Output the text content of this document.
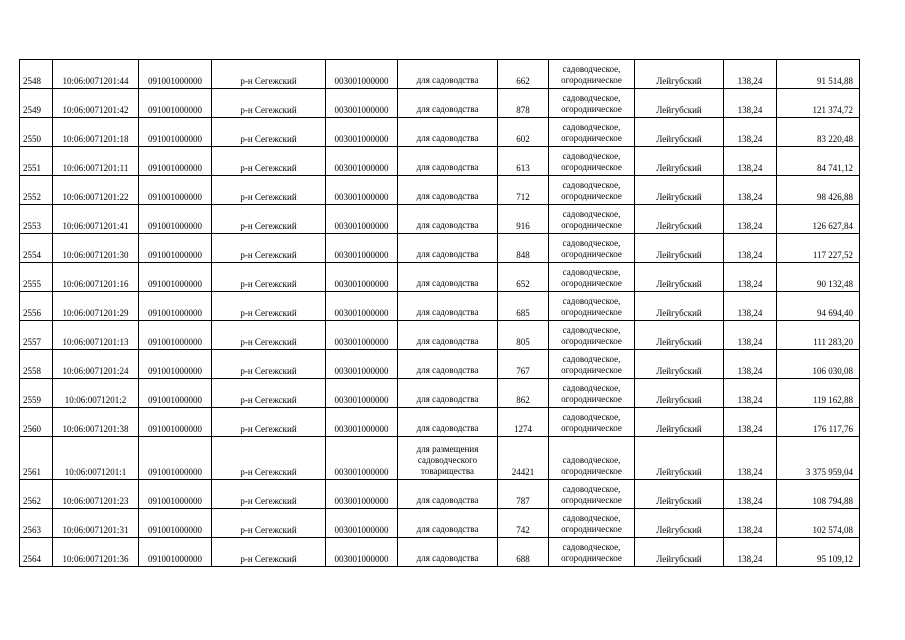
2548	10:06:0071201:44	091001000000	р-н Сегежский	003001000000	для садоводства	662	садоводческое, огородническое	Лейгубский	138,24	91 514,88
2549	10:06:0071201:42	091001000000	р-н Сегежский	003001000000	для садоводства	878	садоводческое, огородническое	Лейгубский	138,24	121 374,72
2550	10:06:0071201:18	091001000000	р-н Сегежский	003001000000	для садоводства	602	садоводческое, огородническое	Лейгубский	138,24	83 220,48
2551	10:06:0071201:11	091001000000	р-н Сегежский	003001000000	для садоводства	613	садоводческое, огородническое	Лейгубский	138,24	84 741,12
2552	10:06:0071201:22	091001000000	р-н Сегежский	003001000000	для садоводства	712	садоводческое, огородническое	Лейгубский	138,24	98 426,88
2553	10:06:0071201:41	091001000000	р-н Сегежский	003001000000	для садоводства	916	садоводческое, огородническое	Лейгубский	138,24	126 627,84
2554	10:06:0071201:30	091001000000	р-н Сегежский	003001000000	для садоводства	848	садоводческое, огородническое	Лейгубский	138,24	117 227,52
2555	10:06:0071201:16	091001000000	р-н Сегежский	003001000000	для садоводства	652	садоводческое, огородническое	Лейгубский	138,24	90 132,48
2556	10:06:0071201:29	091001000000	р-н Сегежский	003001000000	для садоводства	685	садоводческое, огородническое	Лейгубский	138,24	94 694,40
2557	10:06:0071201:13	091001000000	р-н Сегежский	003001000000	для садоводства	805	садоводческое, огородническое	Лейгубский	138,24	111 283,20
2558	10:06:0071201:24	091001000000	р-н Сегежский	003001000000	для садоводства	767	садоводческое, огородническое	Лейгубский	138,24	106 030,08
2559	10:06:0071201:2	091001000000	р-н Сегежский	003001000000	для садоводства	862	садоводческое, огородническое	Лейгубский	138,24	119 162,88
2560	10:06:0071201:38	091001000000	р-н Сегежский	003001000000	для садоводства	1274	садоводческое, огородническое	Лейгубский	138,24	176 117,76
2561	10:06:0071201:1	091001000000	р-н Сегежский	003001000000	для размещения садоводческого товарищества	24421	садоводческое, огородническое	Лейгубский	138,24	3 375 959,04
2562	10:06:0071201:23	091001000000	р-н Сегежский	003001000000	для садоводства	787	садоводческое, огородническое	Лейгубский	138,24	108 794,88
2563	10:06:0071201:31	091001000000	р-н Сегежский	003001000000	для садоводства	742	садоводческое, огородническое	Лейгубский	138,24	102 574,08
2564	10:06:0071201:36	091001000000	р-н Сегежский	003001000000	для садоводства	688	садоводческое, огородническое	Лейгубский	138,24	95 109,12
